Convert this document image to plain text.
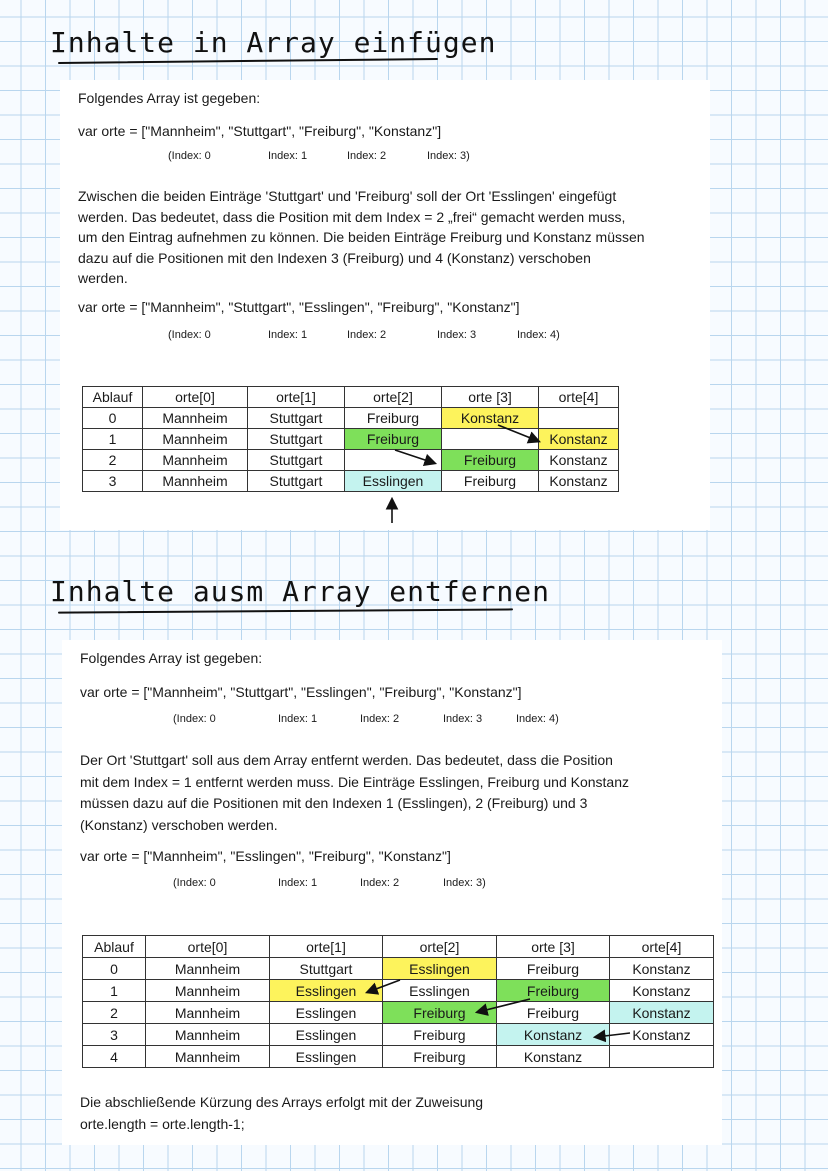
Inhalte in Array einfügen
Folgendes Array ist gegeben:
var orte = ["Mannheim", "Stuttgart", "Freiburg", "Konstanz"]
(Index: 0	Index: 1	Index: 2	Index: 3)
Zwischen die beiden Einträge 'Stuttgart' und 'Freiburg' soll der Ort 'Esslingen' eingefügt
werden. Das bedeutet, dass die Position mit dem Index = 2 „frei“ gemacht werden muss,
um den Eintrag aufnehmen zu können. Die beiden Einträge Freiburg und Konstanz müssen
dazu auf die Positionen mit den Indexen 3 (Freiburg) und 4 (Konstanz) verschoben
werden.
var orte = ["Mannheim", "Stuttgart", "Esslingen", "Freiburg", "Konstanz"]
(Index: 0	Index: 1	Index: 2	Index: 3	Index: 4)
Ablauf	orte[0]	orte[1]	orte[2]	orte [3]	orte[4]
0	Mannheim	Stuttgart	Freiburg	Konstanz	
1	Mannheim	Stuttgart	Freiburg		Konstanz
2	Mannheim	Stuttgart		Freiburg	Konstanz
3	Mannheim	Stuttgart	Esslingen	Freiburg	Konstanz
Inhalte ausm Array entfernen
Folgendes Array ist gegeben:
var orte = ["Mannheim", "Stuttgart", "Esslingen", "Freiburg", "Konstanz"]
(Index: 0	Index: 1	Index: 2	Index: 3	Index: 4)
Der Ort 'Stuttgart' soll aus dem Array entfernt werden. Das bedeutet, dass die Position
mit dem Index = 1 entfernt werden muss. Die Einträge Esslingen, Freiburg und Konstanz
müssen dazu auf die Positionen mit den Indexen 1 (Esslingen), 2 (Freiburg) und 3
(Konstanz) verschoben werden.
var orte = ["Mannheim", "Esslingen", "Freiburg", "Konstanz"]
(Index: 0	Index: 1	Index: 2	Index: 3)
Ablauf	orte[0]	orte[1]	orte[2]	orte [3]	orte[4]
0	Mannheim	Stuttgart	Esslingen	Freiburg	Konstanz
1	Mannheim	Esslingen	Esslingen	Freiburg	Konstanz
2	Mannheim	Esslingen	Freiburg	Freiburg	Konstanz
3	Mannheim	Esslingen	Freiburg	Konstanz	Konstanz
4	Mannheim	Esslingen	Freiburg	Konstanz	
Die abschließende Kürzung des Arrays erfolgt mit der Zuweisung
orte.length = orte.length-1;
